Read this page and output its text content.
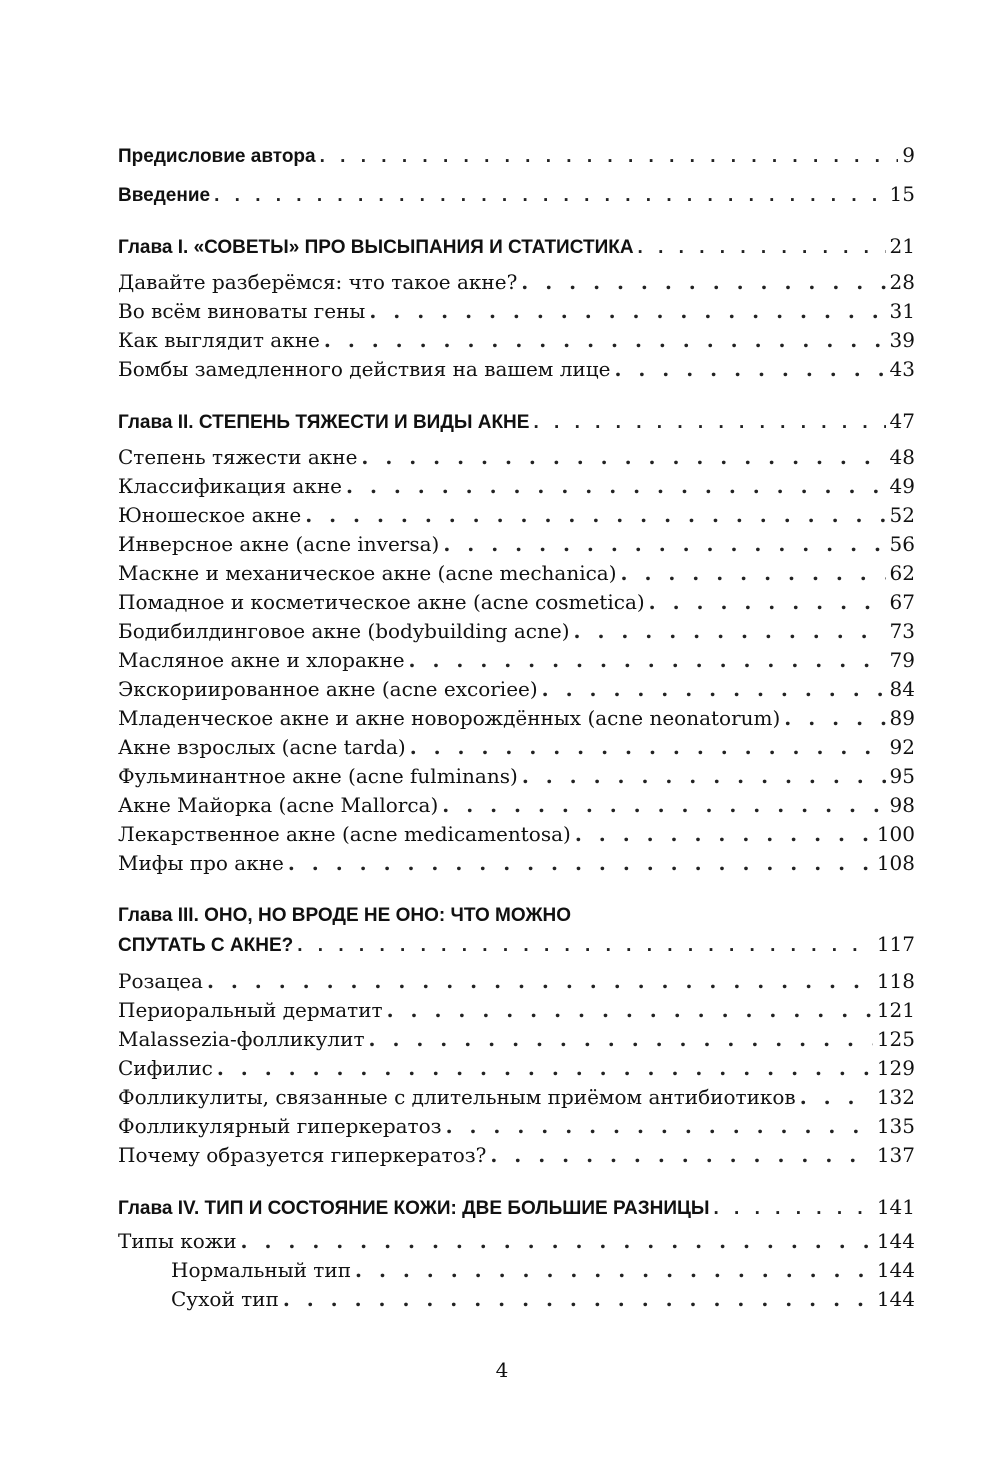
Предисловие автора . . .	9
Введение . . .	15
Глава I. «СОВЕТЫ» ПРО ВЫСЫПАНИЯ И СТАТИСТИКА . . .	21
Давайте разберёмся: что такое акне? . . .	28
Во всём виноваты гены . . .	31
Как выглядит акне . . .	39
Бомбы замедленного действия на вашем лице . . .	43
Глава II. СТЕПЕНЬ ТЯЖЕСТИ И ВИДЫ АКНЕ . . .	47
Степень тяжести акне . . .	48
Классификация акне . . .	49
Юношеское акне . . .	52
Инверсное акне (acne inversa) . . .	56
Маскне и механическое акне (acne mechanica) . . .	62
Помадное и косметическое акне (acne cosmetica) . . .	67
Бодибилдинговое акне (bodybuilding acne) . . .	73
Масляное акне и хлоракне . . .	79
Экскориированное акне (acne excoriee) . . .	84
Младенческое акне и акне новорождённых (acne neonatorum) . . .	89
Акне взрослых (acne tarda) . . .	92
Фульминантное акне (acne fulminans) . . .	95
Акне Майорка (acne Mallorca) . . .	98
Лекарственное акне (acne medicamentosa) . . .	100
Мифы про акне . . .	108
Глава III. ОНО, НО ВРОДЕ НЕ ОНО: ЧТО МОЖНО
СПУТАТЬ С АКНЕ? . . .	117
Розацеа . . .	118
Периоральный дерматит . . .	121
Malassezia-фолликулит . . .	125
Сифилис . . .	129
Фолликулиты, связанные с длительным приёмом антибиотиков . . .	132
Фолликулярный гиперкератоз . . .	135
Почему образуется гиперкератоз? . . .	137
Глава IV. ТИП И СОСТОЯНИЕ КОЖИ: ДВЕ БОЛЬШИЕ РАЗНИЦЫ . . .	141
Типы кожи . . .	144
Нормальный тип . . .	144
Сухой тип . . .	144
4
